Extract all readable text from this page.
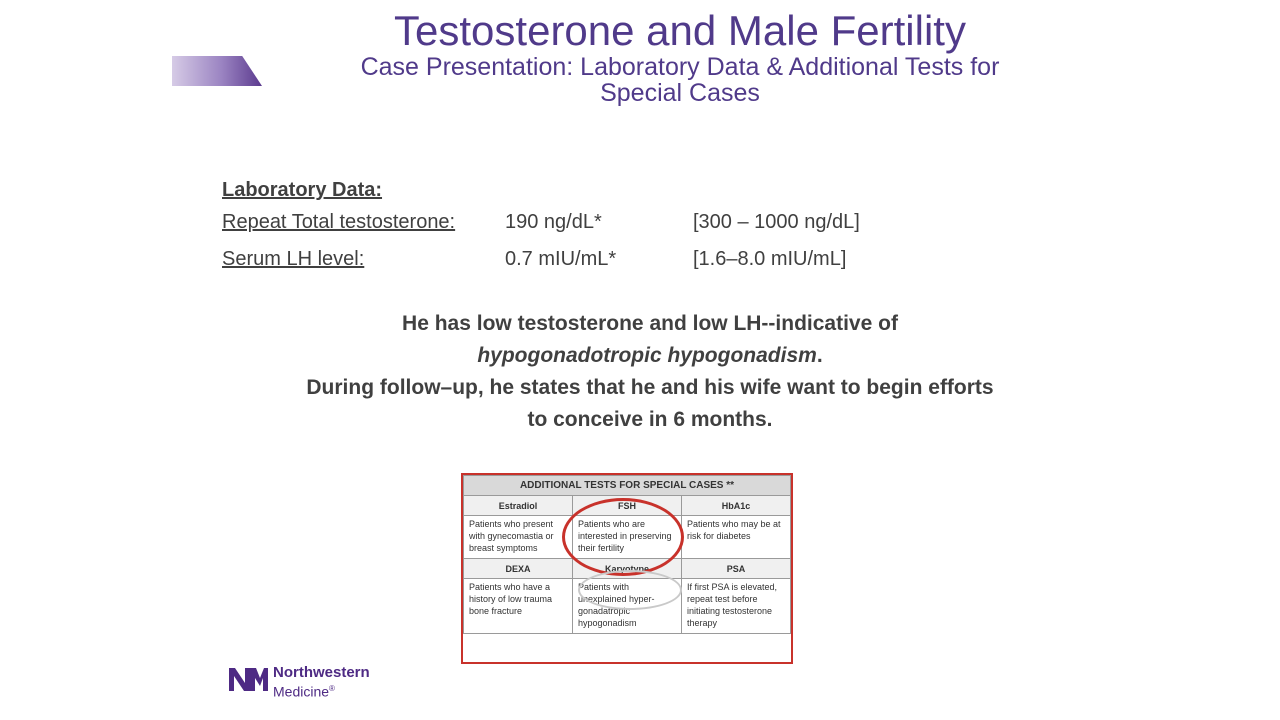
Testosterone and Male Fertility
Case Presentation: Laboratory Data & Additional Tests for
Special Cases
Laboratory Data:
Repeat Total testosterone: 190 ng/dL*	[300 – 1000 ng/dL]
Serum LH level:	0.7 mIU/mL*	[1.6–8.0 mIU/mL]
He has low testosterone and low LH--indicative of
hypogonadotropic hypogonadism.
During follow–up, he states that he and his wife want to begin efforts
to conceive in 6 months.
ADDITIONAL TESTS FOR SPECIAL CASES **		
Estradiol	FSH	HbA1c
Patients who present with gynecomastia or breast symptoms	Patients who are interested in preserving their fertility	Patients who may be at risk for diabetes
DEXA	Karyotype	PSA
Patients who have a history of low trauma bone fracture	Patients with unexplained hyper-gonadatropic hypogonadism	If first PSA is elevated, repeat test before initiating testosterone therapy
Northwestern
Medicine®
